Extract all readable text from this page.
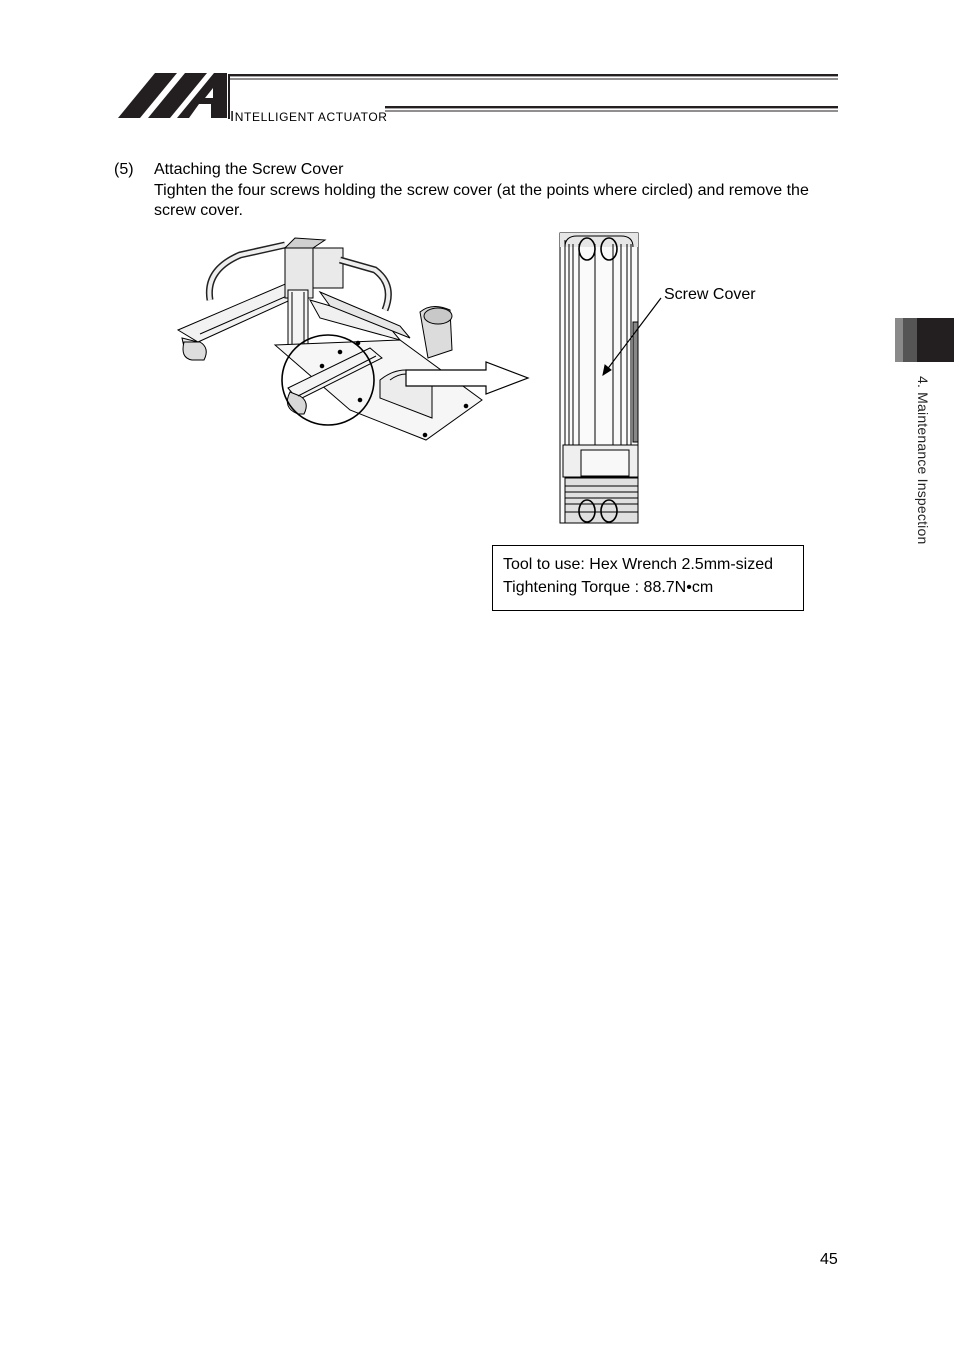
INTELLIGENT ACTUATOR
(5) Attaching the Screw Cover
Tighten the four screws holding the screw cover (at the points where circled) and remove the screw cover.
Screw Cover
Tool to use: Hex Wrench 2.5mm-sized
Tightening Torque : 88.7N•cm
4. Maintenance Inspection
45
